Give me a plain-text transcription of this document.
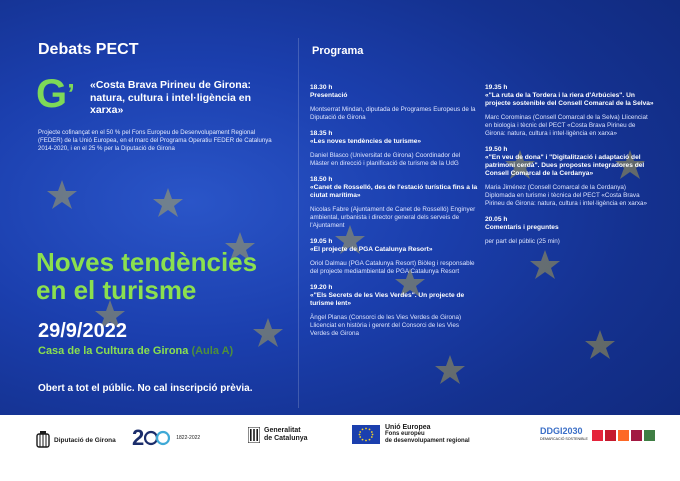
Debats PECT
G’ «Costa Brava Pirineu de Girona: natura, cultura i intel·ligència en xarxa»
Projecte cofinançat en el 50 % pel Fons Europeu de Desenvolupament Regional (FEDER) de la Unió Europea, en el marc del Programa Operatiu FEDER de Catalunya 2014-2020, i en el 25 % per la Diputació de Girona
Noves tendències
en el turisme
29/9/2022
Casa de la Cultura de Girona (Aula A)
Obert a tot el públic. No cal inscripció prèvia.
Programa
18.30 h
Presentació
Montserrat Mindan, diputada de Programes Europeus de la Diputació de Girona
18.35 h
«Les noves tendències de turisme»
Daniel Blasco (Universitat de Girona) Coordinador del Màster en direcció i planificació de turisme de la UdG
18.50 h
«Canet de Rosselló, des de l'estació turística fins a la ciutat marítima»
Nicolas Fabre (Ajuntament de Canet de Rosselló) Enginyer ambiental, urbanista i director general dels serveis de l'Ajuntament
19.05 h
«El projecte de PGA Catalunya Resort»
Oriol Dalmau (PGA Catalunya Resort) Biòleg i responsable del projecte mediambiental de PGA Catalunya Resort
19.20 h
«"Els Secrets de les Vies Verdes". Un projecte de turisme lent»
Àngel Planas (Consorci de les Vies Verdes de Girona) Llicenciat en història i gerent del Consorci de les Vies Verdes de Girona
19.35 h
«"La ruta de la Tordera i la riera d'Arbúcies". Un projecte sostenible del Consell Comarcal de la Selva»
Marc Corominas (Consell Comarcal de la Selva) Llicenciat en biologia i tècnic del PECT «Costa Brava Pirineu de Girona: natura, cultura i intel·ligència en xarxa»
19.50 h
«"En veu de dona" i "Digitalització i adaptació del patrimoni cerdà". Dues propostes integradores del Consell Comarcal de la Cerdanya»
Maria Jiménez (Consell Comarcal de la Cerdanya) Diplomada en turisme i tècnica del PECT «Costa Brava Pirineu de Girona: natura, cultura i intel·ligència en xarxa»
20.05 h
Comentaris i preguntes
per part del públic (25 min)
Diputació de Girona 2	1822-2022
Generalitat
de Catalunya
Unió Europea
Fons europeu
de desenvolupament regional
DDGI2030
DEMARCACIÓ SOSTENIBLE
